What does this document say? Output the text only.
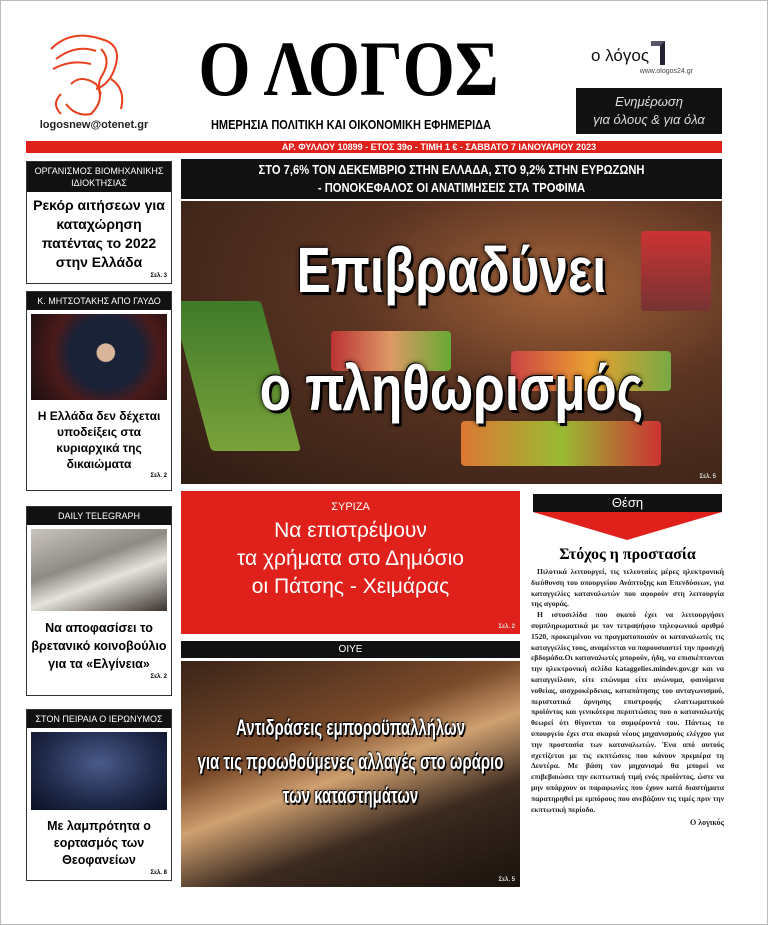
logosnew@otenet.gr
Ο ΛΟΓΟΣ
ΗΜΕΡΗΣΙΑ ΠΟΛΙΤΙΚΗ ΚΑΙ ΟΙΚΟΝΟΜΙΚΗ ΕΦΗΜΕΡΙΔΑ
ο λόγος
www.ologos24.gr
Ενημέρωση
για όλους & για όλα
ΑΡ. ΦΥΛΛΟΥ 10899 - ΕΤΟΣ 39ο - ΤΙΜΗ 1 € - ΣΑΒΒΑΤΟ 7 ΙΑΝΟΥΑΡΙΟΥ 2023
ΟΡΓΑΝΙΣΜΟΣ ΒΙΟΜΗΧΑΝΙΚΗΣ ΙΔΙΟΚΤΗΣΙΑΣ
Ρεκόρ αιτήσεων για καταχώρηση πατέντας το 2022 στην Ελλάδα
Σελ. 3
Κ. ΜΗΤΣΟΤΑΚΗΣ ΑΠΟ ΓΑΥΔΟ
Η Ελλάδα δεν δέχεται υποδείξεις στα κυριαρχικά της δικαιώματα
Σελ. 2
DAILY TELEGRAPH
Να αποφασίσει το βρετανικό κοινοβούλιο για τα «Ελγίνεια»
Σελ. 2
ΣΤΟΝ ΠΕΙΡΑΙΑ Ο ΙΕΡΩΝΥΜΟΣ
Με λαμπρότητα ο εορτασμός των Θεοφανείων
Σελ. 8
ΣΤΟ 7,6% ΤΟΝ ΔΕΚΕΜΒΡΙΟ ΣΤΗΝ ΕΛΛΑΔΑ, ΣΤΟ 9,2% ΣΤΗΝ ΕΥΡΩΖΩΝΗ
- ΠΟΝΟΚΕΦΑΛΟΣ ΟΙ ΑΝΑΤΙΜΗΣΕΙΣ ΣΤΑ ΤΡΟΦΙΜΑ
Επιβραδύνει
ο πληθωρισμός
Σελ. 5
ΣΥΡΙΖΑ
Να επιστρέψουν
τα χρήματα στο Δημόσιο
οι Πάτσης - Χειμάρας
Σελ. 2
ΟΙΥΕ
Αντιδράσεις εμποροϋπαλλήλων
για τις προωθούμενες αλλαγές στο ωράριο
των καταστημάτων
Σελ. 5
Θέση
Στόχος η προστασία

Πιλοτικά λειτουργεί, τις τελευταίες μέρες ηλεκτρονική διεύθυνση του υπουργείου Ανάπτυξης και Επενδύσεων, για καταγγελίες καταναλωτών που αφορούν στη λειτουργία της αγοράς.

Η ιστοσελίδα που σκοπό έχει να λειτουργήσει συμπληρωματικά με τον τετραψήφιο τηλεφωνικό αριθμό 1520, προκειμένου να πραγματοποιούν οι καταναλωτές τις καταγγελίες τους, αναμένεται να παρουσιαστεί την προσεχή εβδομάδα.Οι καταναλωτές μπορούν, ήδη, να επισκέπτονται την ηλεκτρονική σελίδα kataggelies.mindev.gov.gr και να καταγγείλουν, είτε επώνυμα είτε ανώνυμα, φαινόμενα νοθείας, αισχροκέρδειας, καταπάτησης του ανταγωνισμού, περιστατικά άρνησης επιστροφής ελαττωματικού προϊόντος και γενικότερα περιπτώσεις που ο καταναλωτής θεωρεί ότι θίγονται τα συμφέροντά του. Πάντως το υπουργείο έχει στα σκαριά νέους μηχανισμούς ελέγχου για την προστασία των καταναλωτών. Ένα από αυτούς σχετίζεται με τις εκπτώσεις που κάνουν πρεμιέρα τη Δευτέρα. Με βάση τον μηχανισμό θα μπορεί να επιβεβαιώσει την εκπτωτική τιμή ενός προϊόντος, ώστε να μην υπάρχουν οι παραφωνίες που έχουν κατά διαστήματα παρατηρηθεί με εμπόρους που ανεβάζουν τις τιμές πριν την εκπτωτική περίοδο.

Ο λογικός
